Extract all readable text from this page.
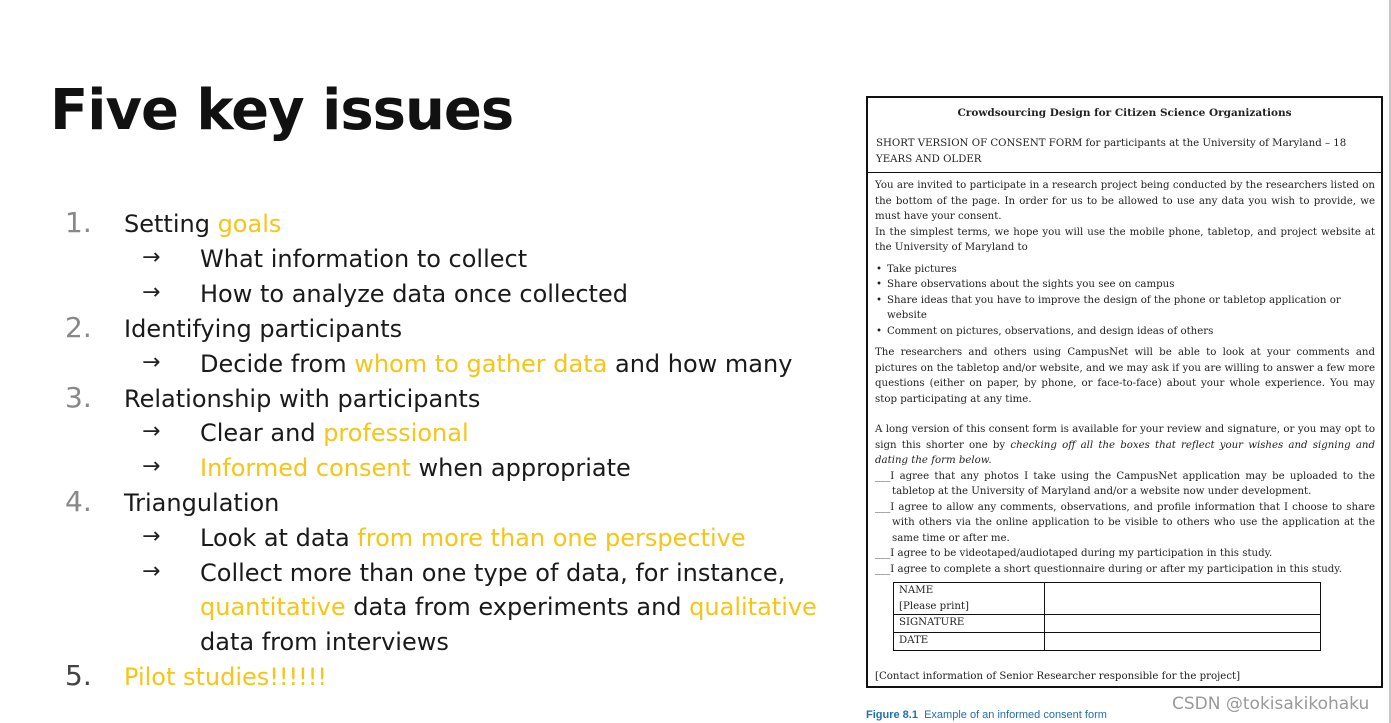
Five key issues
1. Setting goals
→ What information to collect
→ How to analyze data once collected
2. Identifying participants
→ Decide from whom to gather data and how many
3. Relationship with participants
→ Clear and professional
→ Informed consent when appropriate
4. Triangulation
→ Look at data from more than one perspective
→ Collect more than one type of data, for instance,
quantitative data from experiments and qualitative
data from interviews
5. Pilot studies!!!!!!
Crowdsourcing Design for Citizen Science Organizations
SHORT VERSION OF CONSENT FORM for participants at the University of Maryland – 18 YEARS AND OLDER

You are invited to participate in a research project being conducted by the researchers listed on the bottom of the page. In order for us to be allowed to use any data you wish to provide, we must have your consent.

In the simplest terms, we hope you will use the mobile phone, tabletop, and project website at the University of Maryland to

• Take pictures
• Share observations about the sights you see on campus
• Share ideas that you have to improve the design of the phone or tabletop application or website
• Comment on pictures, observations, and design ideas of others

The researchers and others using CampusNet will be able to look at your comments and pictures on the tabletop and/or website, and we may ask if you are willing to answer a few more questions (either on paper, by phone, or face-to-face) about your whole experience. You may stop participating at any time.

A long version of this consent form is available for your review and signature, or you may opt to sign this shorter one by checking off all the boxes that reflect your wishes and signing and dating the form below.

___I agree that any photos I take using the CampusNet application may be uploaded to the tabletop at the University of Maryland and/or a website now under development.

___I agree to allow any comments, observations, and profile information that I choose to share with others via the online application to be visible to others who use the application at the same time or after me.

___I agree to be videotaped/audiotaped during my participation in this study.

___I agree to complete a short questionnaire during or after my participation in this study.

NAME
[Please print]	
SIGNATURE	
DATE	
[Contact information of Senior Researcher responsible for the project]
Figure 8.1 Example of an informed consent form
CSDN @tokisakikohaku
